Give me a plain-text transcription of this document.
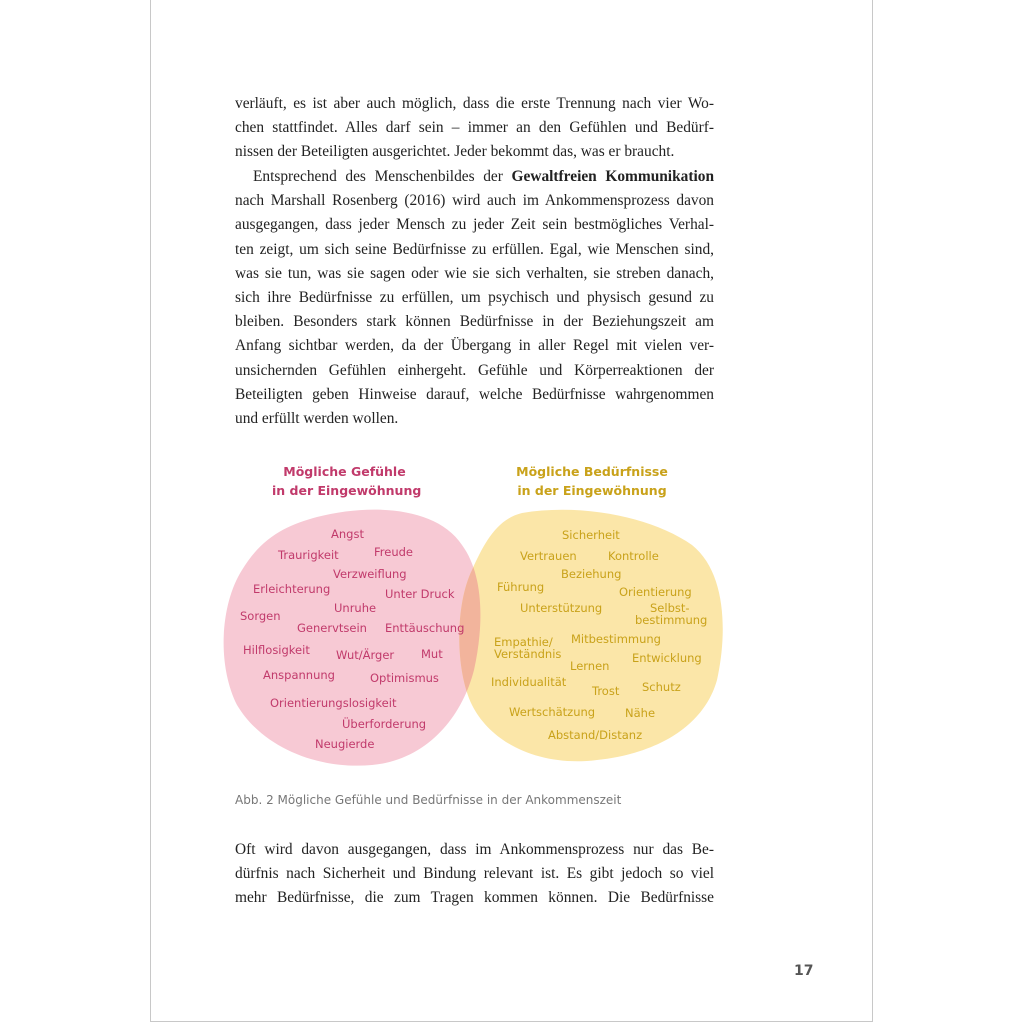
verläuft, es ist aber auch möglich, dass die erste Trennung nach vier Wo-
chen stattfindet. Alles darf sein – immer an den Gefühlen und Bedürf-
nissen der Beteiligten ausgerichtet. Jeder bekommt das, was er braucht.

Entsprechend des Menschenbildes der Gewaltfreien Kommunikation
nach Marshall Rosenberg (2016) wird auch im Ankommensprozess davon
ausgegangen, dass jeder Mensch zu jeder Zeit sein bestmögliches Verhal-
ten zeigt, um sich seine Bedürfnisse zu erfüllen. Egal, wie Menschen sind,
was sie tun, was sie sagen oder wie sie sich verhalten, sie streben danach,
sich ihre Bedürfnisse zu erfüllen, um psychisch und physisch gesund zu
bleiben. Besonders stark können Bedürfnisse in der Beziehungszeit am
Anfang sichtbar werden, da der Übergang in aller Regel mit vielen ver-
unsichernden Gefühlen einhergeht. Gefühle und Körperreaktionen der
Beteiligten geben Hinweise darauf, welche Bedürfnisse wahrgenommen
und erfüllt werden wollen.

Mögliche Gefühle
in der Eingewöhnung
Mögliche Bedürfnisse
in der Eingewöhnung
Angst
Traurigkeit	Freude
Verzweiflung
Erleichterung	Unter Druck
Sorgen
Unruhe
Genervtsein Enttäuschung
Hilflosigkeit Wut/Ärger Mut
Anspannung	Optimismus
Orientierungslosigkeit
Überforderung
Neugierde
Sicherheit
Vertrauen	Kontrolle
Beziehung
Führung	Orientierung
Unterstützung	Selbst-
bestimmung
Empathie/
Verständnis
Mitbestimmung
Lernen
Entwicklung
Individualität
Trost Schutz
Wertschätzung	Nähe
Abstand/Distanz
Abb. 2 Mögliche Gefühle und Bedürfnisse in der Ankommenszeit

Oft wird davon ausgegangen, dass im Ankommensprozess nur das Be-
dürfnis nach Sicherheit und Bindung relevant ist. Es gibt jedoch so viel
mehr Bedürfnisse, die zum Tragen kommen können. Die Bedürfnisse

17
